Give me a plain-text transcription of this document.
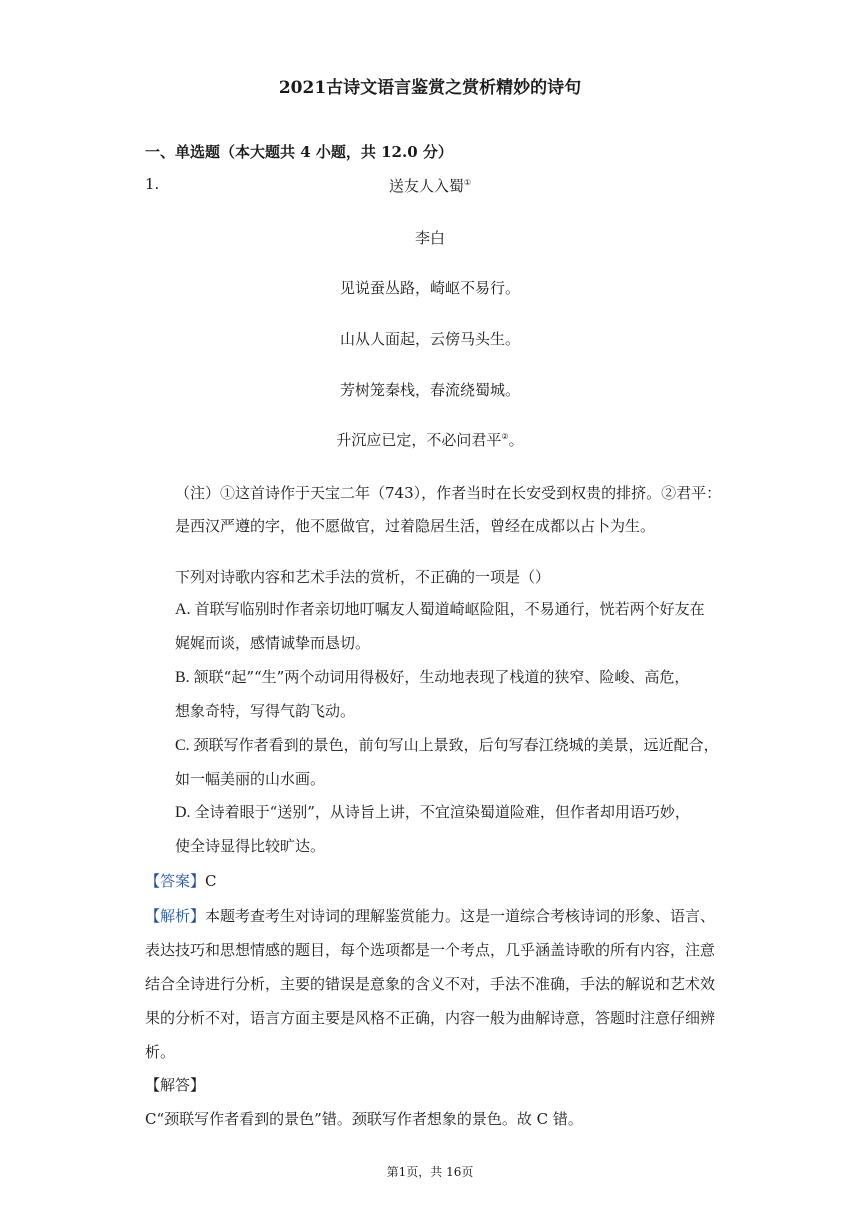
2021古诗文语言鉴赏之赏析精妙的诗句
一、单选题（本大题共 4 小题，共 12.0 分）
1.	送友人入蜀①
李白
见说蚕丛路，崎岖不易行。
山从人面起，云傍马头生。
芳树笼秦栈，春流绕蜀城。
升沉应已定，不必问君平②。
（注）①这首诗作于天宝二年（743），作者当时在长安受到权贵的排挤。②君平：
是西汉严遵的字，他不愿做官，过着隐居生活，曾经在成都以占卜为生。
下列对诗歌内容和艺术手法的赏析，不正确的一项是（）
A. 首联写临别时作者亲切地叮嘱友人蜀道崎岖险阻，不易通行，恍若两个好友在
娓娓而谈，感情诚挚而恳切。
B. 颔联“起”“生”两个动词用得极好，生动地表现了栈道的狭窄、险峻、高危，
想象奇特，写得气韵飞动。
C. 颈联写作者看到的景色，前句写山上景致，后句写春江绕城的美景，远近配合，
如一幅美丽的山水画。
D. 全诗着眼于“送别”，从诗旨上讲，不宜渲染蜀道险难，但作者却用语巧妙，
使全诗显得比较旷达。
【答案】C
【解析】本题考查考生对诗词的理解鉴赏能力。这是一道综合考核诗词的形象、语言、
表达技巧和思想情感的题目，每个选项都是一个考点，几乎涵盖诗歌的所有内容，注意
结合全诗进行分析，主要的错误是意象的含义不对，手法不准确，手法的解说和艺术效
果的分析不对，语言方面主要是风格不正确，内容一般为曲解诗意，答题时注意仔细辨
析。
【解答】
C“颈联写作者看到的景色”错。颈联写作者想象的景色。故 C 错。
第1页，共 16页
